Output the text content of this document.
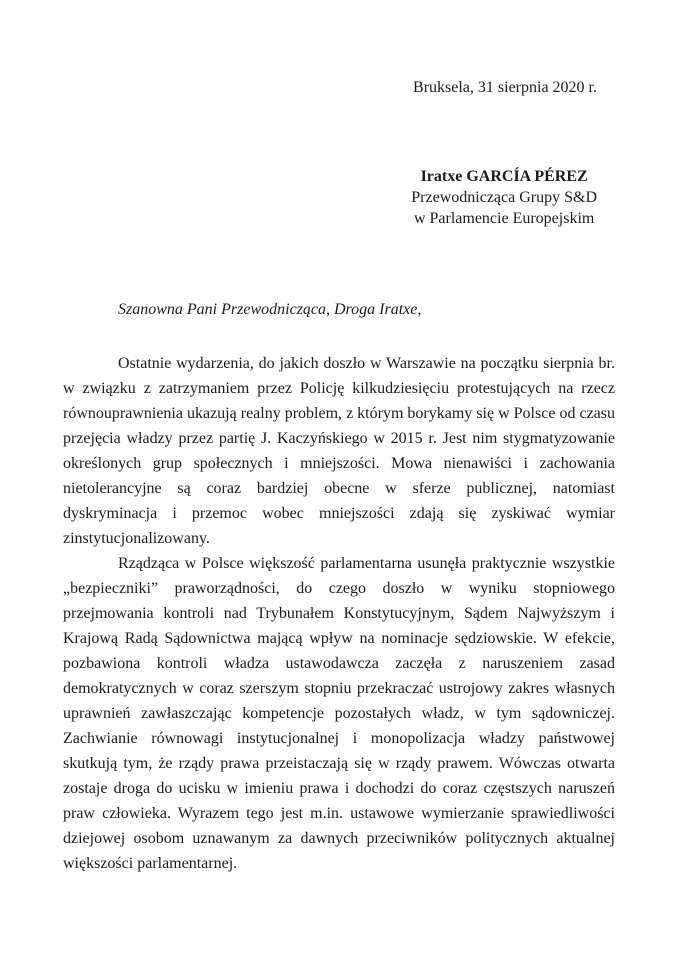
Bruksela, 31 sierpnia 2020 r.
Iratxe GARCÍA PÉREZ
Przewodnicząca Grupy S&D
w Parlamencie Europejskim
Szanowna Pani Przewodnicząca, Droga Iratxe,

Ostatnie wydarzenia, do jakich doszło w Warszawie na początku sierpnia br. w związku z zatrzymaniem przez Policję kilkudziesięciu protestujących na rzecz równouprawnienia ukazują realny problem, z którym borykamy się w Polsce od czasu przejęcia władzy przez partię J. Kaczyńskiego w 2015 r. Jest nim stygmatyzowanie określonych grup społecznych i mniejszości. Mowa nienawiści i zachowania nietolerancyjne są coraz bardziej obecne w sferze publicznej, natomiast dyskryminacja i przemoc wobec mniejszości zdają się zyskiwać wymiar zinstytucjonalizowany.

Rządząca w Polsce większość parlamentarna usunęła praktycznie wszystkie „bezpieczniki” praworządności, do czego doszło w wyniku stopniowego przejmowania kontroli nad Trybunałem Konstytucyjnym, Sądem Najwyższym i Krajową Radą Sądownictwa mającą wpływ na nominacje sędziowskie. W efekcie, pozbawiona kontroli władza ustawodawcza zaczęła z naruszeniem zasad demokratycznych w coraz szerszym stopniu przekraczać ustrojowy zakres własnych uprawnień zawłaszczając kompetencje pozostałych władz, w tym sądowniczej. Zachwianie równowagi instytucjonalnej i monopolizacja władzy państwowej skutkują tym, że rządy prawa przeistaczają się w rządy prawem. Wówczas otwarta zostaje droga do ucisku w imieniu prawa i dochodzi do coraz częstszych naruszeń praw człowieka. Wyrazem tego jest m.in. ustawowe wymierzanie sprawiedliwości dziejowej osobom uznawanym za dawnych przeciwników politycznych aktualnej większości parlamentarnej.
